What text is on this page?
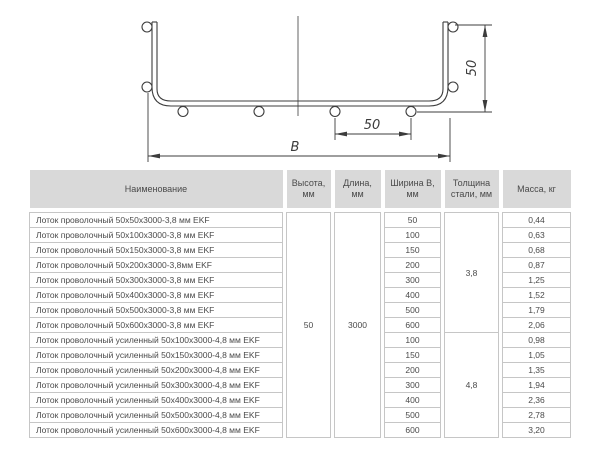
B
50
50
Наименование		Высота, мм		Длина, мм		Ширина B, мм		Толщина стали, мм		Масса, кг

Лоток проволочный 50x50x3000-3,8 мм EKF		50		3000		50		3,8		0,44
Лоток проволочный 50x100x3000-3,8 мм EKF						100				0,63
Лоток проволочный 50x150x3000-3,8 мм EKF						150				0,68
Лоток проволочный 50x200x3000-3,8мм EKF						200				0,87
Лоток проволочный 50x300x3000-3,8 мм EKF						300				1,25
Лоток проволочный 50x400x3000-3,8 мм EKF						400				1,52
Лоток проволочный 50x500x3000-3,8 мм EKF						500				1,79
Лоток проволочный 50x600x3000-3,8 мм EKF						600				2,06
Лоток проволочный усиленный 50x100x3000-4,8 мм EKF						100		4,8		0,98
Лоток проволочный усиленный 50x150x3000-4,8 мм EKF						150				1,05
Лоток проволочный усиленный 50x200x3000-4,8 мм EKF						200				1,35
Лоток проволочный усиленный 50x300x3000-4,8 мм EKF						300				1,94
Лоток проволочный усиленный 50x400x3000-4,8 мм EKF						400				2,36
Лоток проволочный усиленный 50x500x3000-4,8 мм EKF						500				2,78
Лоток проволочный усиленный 50x600x3000-4,8 мм EKF						600				3,20
